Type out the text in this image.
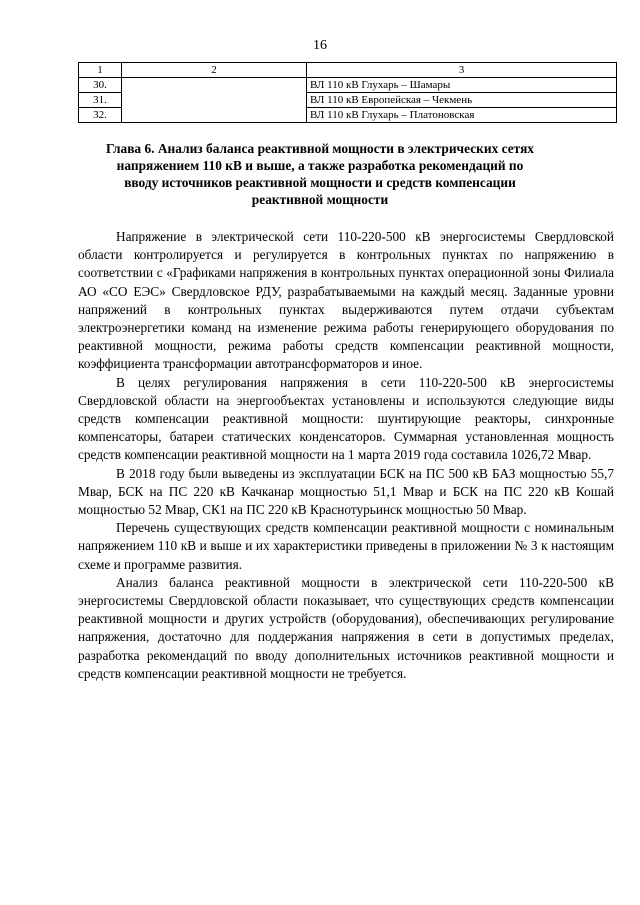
16
1	2	3
30.		ВЛ 110 кВ Глухарь – Шамары
31.		ВЛ 110 кВ Европейская – Чекмень
32.		ВЛ 110 кВ Глухарь – Платоновская
Глава 6. Анализ баланса реактивной мощности в электрических сетях напряжением 110 кВ и выше, а также разработка рекомендаций по вводу источников реактивной мощности и средств компенсации реактивной мощности

Напряжение в электрической сети 110-220-500 кВ энергосистемы Свердловской области контролируется и регулируется в контрольных пунктах по напряжению в соответствии с «Графиками напряжения в контрольных пунктах операционной зоны Филиала АО «СО ЕЭС» Свердловское РДУ, разрабатываемыми на каждый месяц. Заданные уровни напряжений в контрольных пунктах выдерживаются путем отдачи субъектам электроэнергетики команд на изменение режима работы генерирующего оборудования по реактивной мощности, режима работы средств компенсации реактивной мощности, коэффициента трансформации автотрансформаторов и иное.

В целях регулирования напряжения в сети 110-220-500 кВ энергосистемы Свердловской области на энергообъектах установлены и используются следующие виды средств компенсации реактивной мощности: шунтирующие реакторы, синхронные компенсаторы, батареи статических конденсаторов. Суммарная установленная мощность средств компенсации реактивной мощности на 1 марта 2019 года составила 1026,72 Мвар.

В 2018 году были выведены из эксплуатации БСК на ПС 500 кВ БАЗ мощностью 55,7 Мвар, БСК на ПС 220 кВ Качканар мощностью 51,1 Мвар и БСК на ПС 220 кВ Кошай мощностью 52 Мвар, СК1 на ПС 220 кВ Краснотурьинск мощностью 50 Мвар.

Перечень существующих средств компенсации реактивной мощности с номинальным напряжением 110 кВ и выше и их характеристики приведены в приложении № 3 к настоящим схеме и программе развития.

Анализ баланса реактивной мощности в электрической сети 110-220-500 кВ энергосистемы Свердловской области показывает, что существующих средств компенсации реактивной мощности и других устройств (оборудования), обеспечивающих регулирование напряжения, достаточно для поддержания напряжения в сети в допустимых пределах, разработка рекомендаций по вводу дополнительных источников реактивной мощности и средств компенсации реактивной мощности не требуется.
